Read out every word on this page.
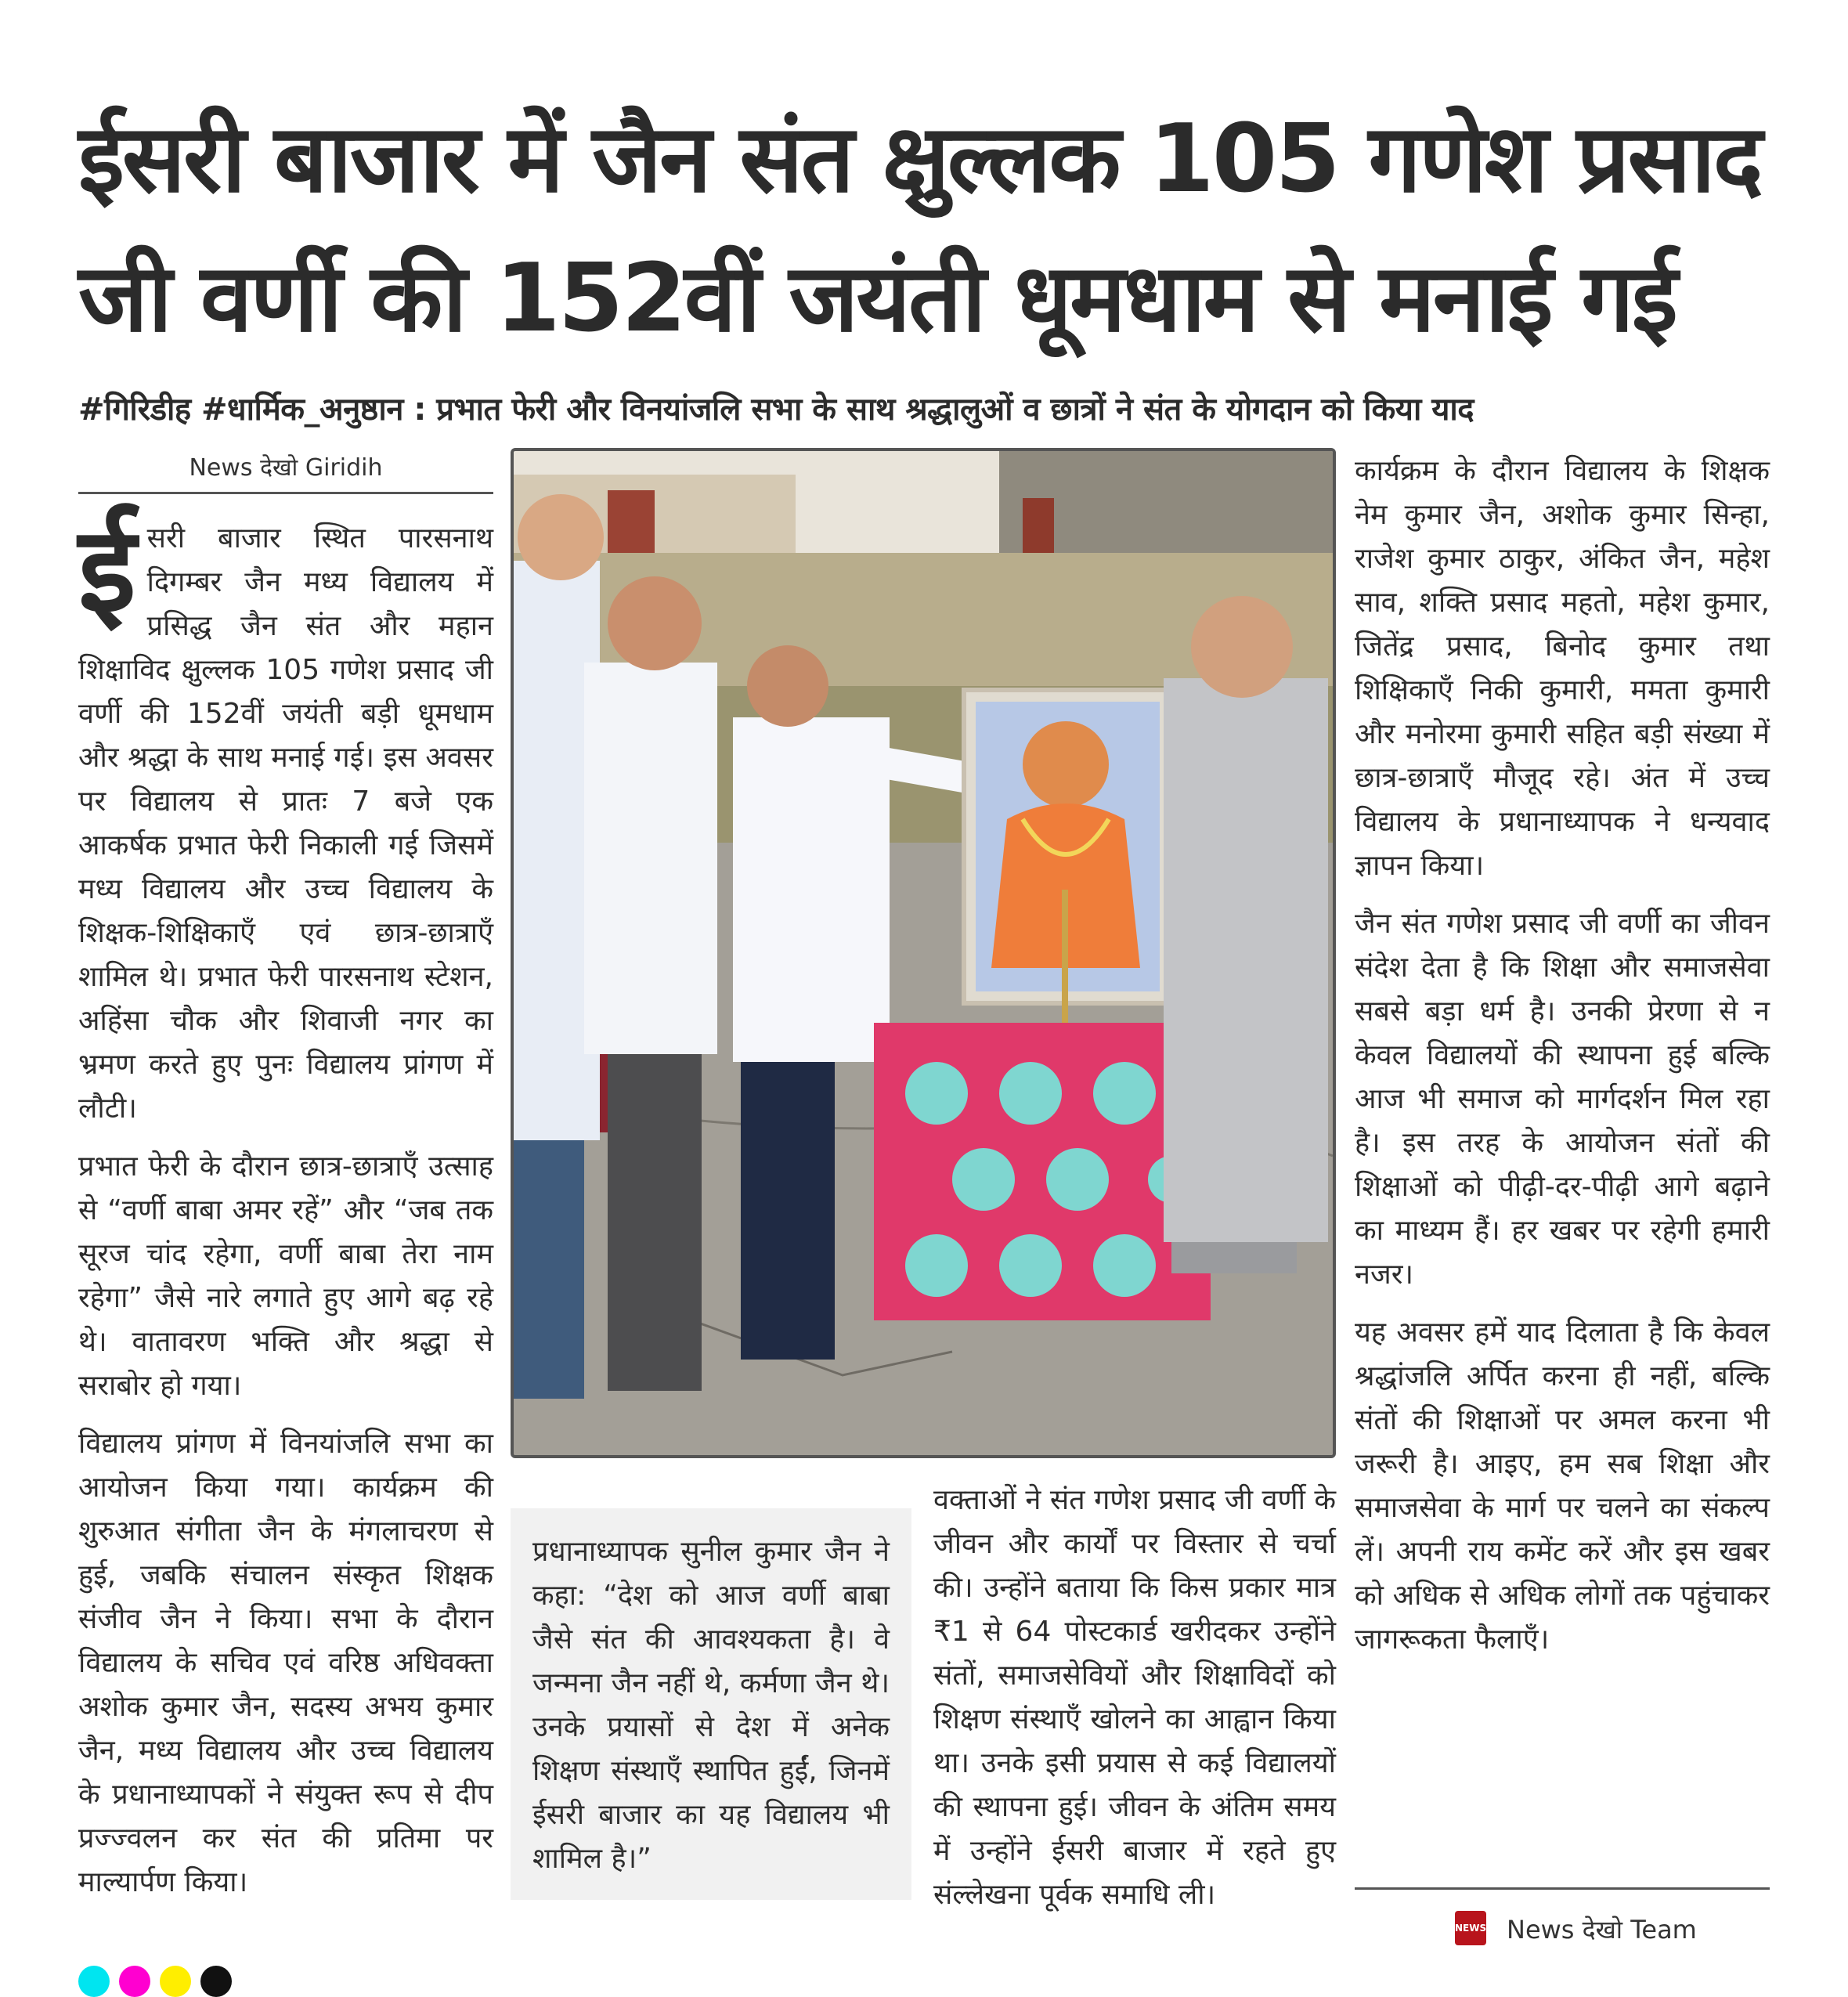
ईसरी बाजार में जैन संत क्षुल्लक 105 गणेश प्रसाद जी वर्णी की 152वीं जयंती धूमधाम से मनाई गई
#गिरिडीह #धार्मिक_अनुष्ठान : प्रभात फेरी और विनयांजलि सभा के साथ श्रद्धालुओं व छात्रों ने संत के योगदान को किया याद
News देखो Giridih

ईसरी बाजार स्थित पारसनाथ दिगम्बर जैन मध्य विद्यालय में प्रसिद्ध जैन संत और महान शिक्षाविद क्षुल्लक 105 गणेश प्रसाद जी वर्णी की 152वीं जयंती बड़ी धूमधाम और श्रद्धा के साथ मनाई गई। इस अवसर पर विद्यालय से प्रातः 7 बजे एक आकर्षक प्रभात फेरी निकाली गई जिसमें मध्य विद्यालय और उच्च विद्यालय के शिक्षक-शिक्षिकाएँ एवं छात्र-छात्राएँ शामिल थे। प्रभात फेरी पारसनाथ स्टेशन, अहिंसा चौक और शिवाजी नगर का भ्रमण करते हुए पुनः विद्यालय प्रांगण में लौटी।

प्रभात फेरी के दौरान छात्र-छात्राएँ उत्साह से “वर्णी बाबा अमर रहें” और “जब तक सूरज चांद रहेगा, वर्णी बाबा तेरा नाम रहेगा” जैसे नारे लगाते हुए आगे बढ़ रहे थे। वातावरण भक्ति और श्रद्धा से सराबोर हो गया।

विद्यालय प्रांगण में विनयांजलि सभा का आयोजन किया गया। कार्यक्रम की शुरुआत संगीता जैन के मंगलाचरण से हुई, जबकि संचालन संस्कृत शिक्षक संजीव जैन ने किया। सभा के दौरान विद्यालय के सचिव एवं वरिष्ठ अधिवक्ता अशोक कुमार जैन, सदस्य अभय कुमार जैन, मध्य विद्यालय और उच्च विद्यालय के प्रधानाध्यापकों ने संयुक्त रूप से दीप प्रज्ज्वलन कर संत की प्रतिमा पर माल्यार्पण किया।

प्रधानाध्यापक सुनील कुमार जैन ने कहा: “देश को आज वर्णी बाबा जैसे संत की आवश्यकता है। वे जन्मना जैन नहीं थे, कर्मणा जैन थे। उनके प्रयासों से देश में अनेक शिक्षण संस्थाएँ स्थापित हुईं, जिनमें ईसरी बाजार का यह विद्यालय भी शामिल है।”

वक्ताओं ने संत गणेश प्रसाद जी वर्णी के जीवन और कार्यों पर विस्तार से चर्चा की। उन्होंने बताया कि किस प्रकार मात्र ₹1 से 64 पोस्टकार्ड खरीदकर उन्होंने संतों, समाजसेवियों और शिक्षाविदों को शिक्षण संस्थाएँ खोलने का आह्वान किया था। उनके इसी प्रयास से कई विद्यालयों की स्थापना हुई। जीवन के अंतिम समय में उन्होंने ईसरी बाजार में रहते हुए संल्लेखना पूर्वक समाधि ली।

कार्यक्रम के दौरान विद्यालय के शिक्षक नेम कुमार जैन, अशोक कुमार सिन्हा, राजेश कुमार ठाकुर, अंकित जैन, महेश साव, शक्ति प्रसाद महतो, महेश कुमार, जितेंद्र प्रसाद, बिनोद कुमार तथा शिक्षिकाएँ निकी कुमारी, ममता कुमारी और मनोरमा कुमारी सहित बड़ी संख्या में छात्र-छात्राएँ मौजूद रहे। अंत में उच्च विद्यालय के प्रधानाध्यापक ने धन्यवाद ज्ञापन किया।

जैन संत गणेश प्रसाद जी वर्णी का जीवन संदेश देता है कि शिक्षा और समाजसेवा सबसे बड़ा धर्म है। उनकी प्रेरणा से न केवल विद्यालयों की स्थापना हुई बल्कि आज भी समाज को मार्गदर्शन मिल रहा है। इस तरह के आयोजन संतों की शिक्षाओं को पीढ़ी-दर-पीढ़ी आगे बढ़ाने का माध्यम हैं। हर खबर पर रहेगी हमारी नजर।

यह अवसर हमें याद दिलाता है कि केवल श्रद्धांजलि अर्पित करना ही नहीं, बल्कि संतों की शिक्षाओं पर अमल करना भी जरूरी है। आइए, हम सब शिक्षा और समाजसेवा के मार्ग पर चलने का संकल्प लें। अपनी राय कमेंट करें और इस खबर को अधिक से अधिक लोगों तक पहुंचाकर जागरूकता फैलाएँ।

NEWS News देखो Team
